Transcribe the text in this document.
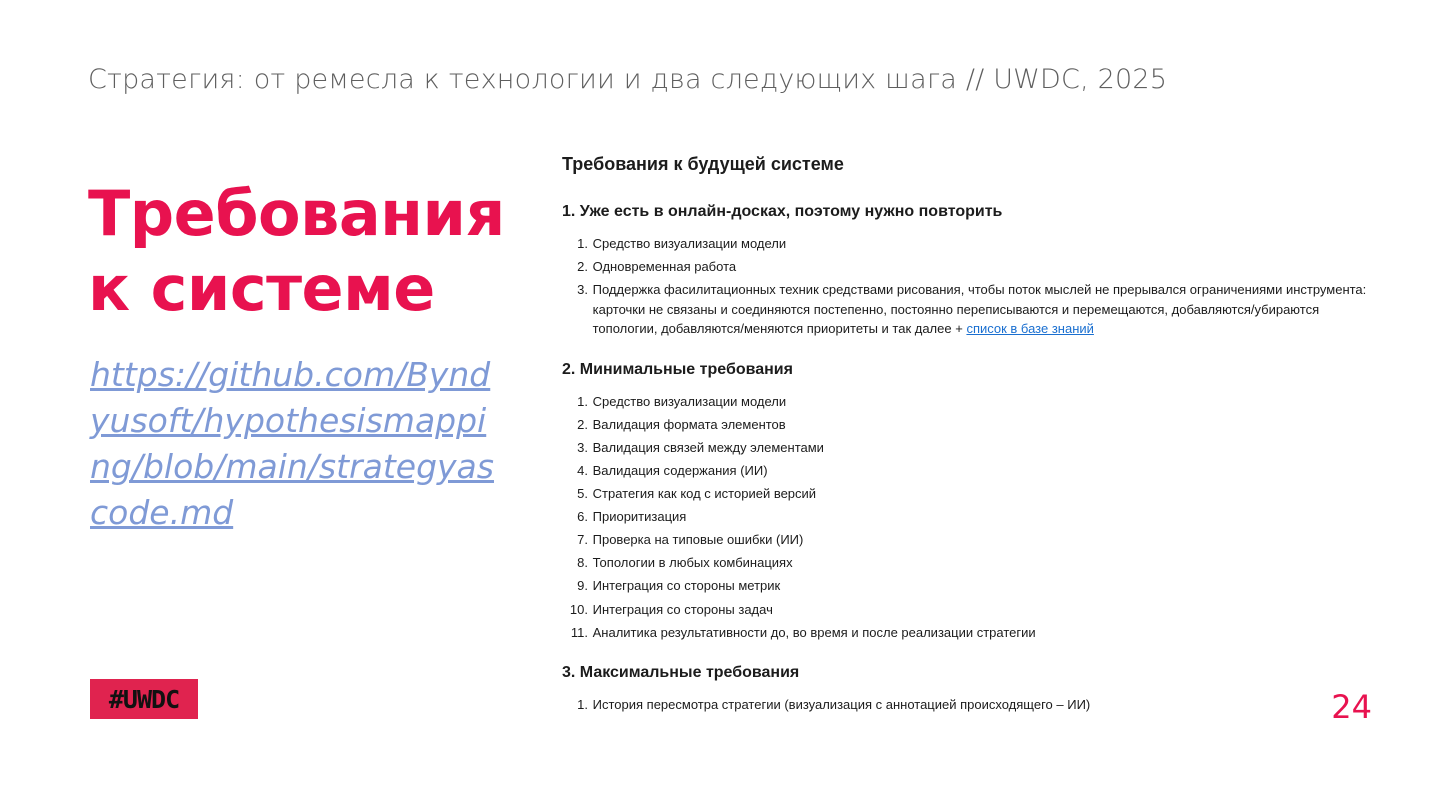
Стратегия: от ремесла к технологии и два следующих шага // UWDC, 2025
Требования
к системе
https://github.com/Byndyusoft/hypothesismapping/blob/main/strategyascode.md
#UWDC	24
Требования к будущей системе
1. Уже есть в онлайн-досках, поэтому нужно повторить
1.
Средство визуализации модели
2.
Одновременная работа
3.
Поддержка фасилитационных техник средствами рисования, чтобы поток мыслей не прерывался ограничениями инструмента: карточки не связаны и соединяются постепенно, постоянно переписываются и перемещаются, добавляются/убираются топологии, добавляются/меняются приоритеты и так далее + список в базе знаний
2. Минимальные требования
1.
Средство визуализации модели
2.
Валидация формата элементов
3.
Валидация связей между элементами
4.
Валидация содержания (ИИ)
5.
Стратегия как код с историей версий
6.
Приоритизация
7.
Проверка на типовые ошибки (ИИ)
8.
Топологии в любых комбинациях
9.
Интеграция со стороны метрик
10.
Интеграция со стороны задач
11.
Аналитика результативности до, во время и после реализации стратегии
3. Максимальные требования
1.
История пересмотра стратегии (визуализация с аннотацией происходящего – ИИ)
